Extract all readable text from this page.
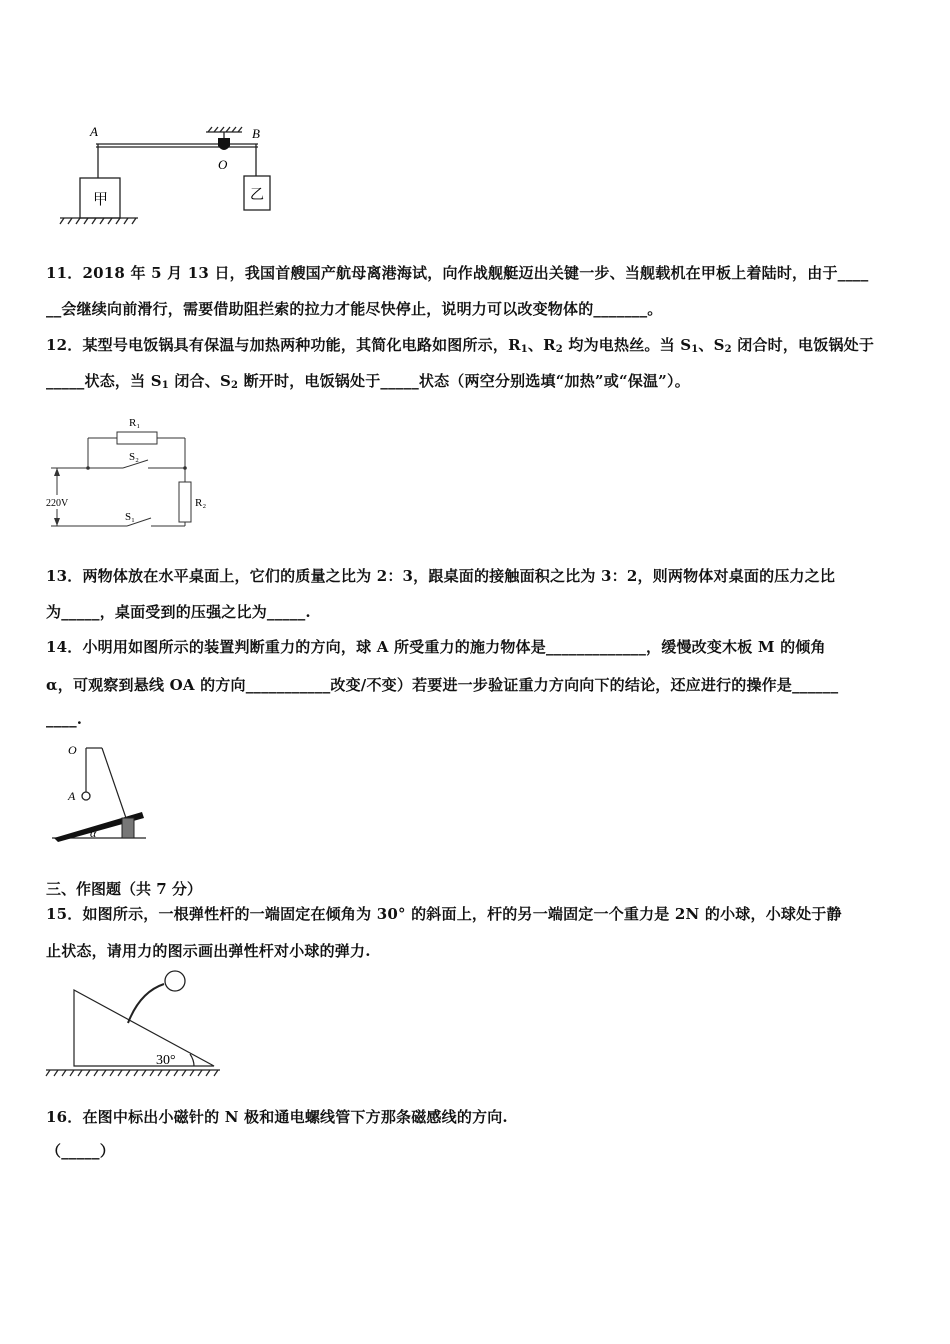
A	B
O
甲	乙
11．2018 年 5 月 13 日，我国首艘国产航母离港海试，向作战舰艇迈出关键一步、当舰载机在甲板上着陆时，由于____
__会继续向前滑行，需要借助阻拦索的拉力才能尽快停止，说明力可以改变物体的_______。
12．某型号电饭锅具有保温与加热两种功能，其简化电路如图所示，$R_1$、$R_2$ 均为电热丝。当 $S_1$、$S_2$ 闭合时，电饭锅处于
_____状态，当 $S_1$ 闭合、$S_2$ 断开时，电饭锅处于_____状态（两空分别选填“加热”或“保温”）。
220V
R₁
S₂
R₂
S₁
13．两物体放在水平桌面上，它们的质量之比为 2：3，跟桌面的接触面积之比为 3：2，则两物体对桌面的压力之比
为_____，桌面受到的压强之比为_____.
14．小明用如图所示的装置判断重力的方向，球 A 所受重力的施力物体是_____________，缓慢改变木板 M 的倾角
α，可观察到悬线 OA 的方向___________改变/不变）若要进一步验证重力方向向下的结论，还应进行的操作是______
____.
O
A
α
三、作图题（共 7 分）
15．如图所示，一根弹性杆的一端固定在倾角为 30° 的斜面上，杆的另一端固定一个重力是 2N 的小球，小球处于静
止状态，请用力的图示画出弹性杆对小球的弹力.
30°
16．在图中标出小磁针的 N 极和通电螺线管下方那条磁感线的方向.
（_____）
